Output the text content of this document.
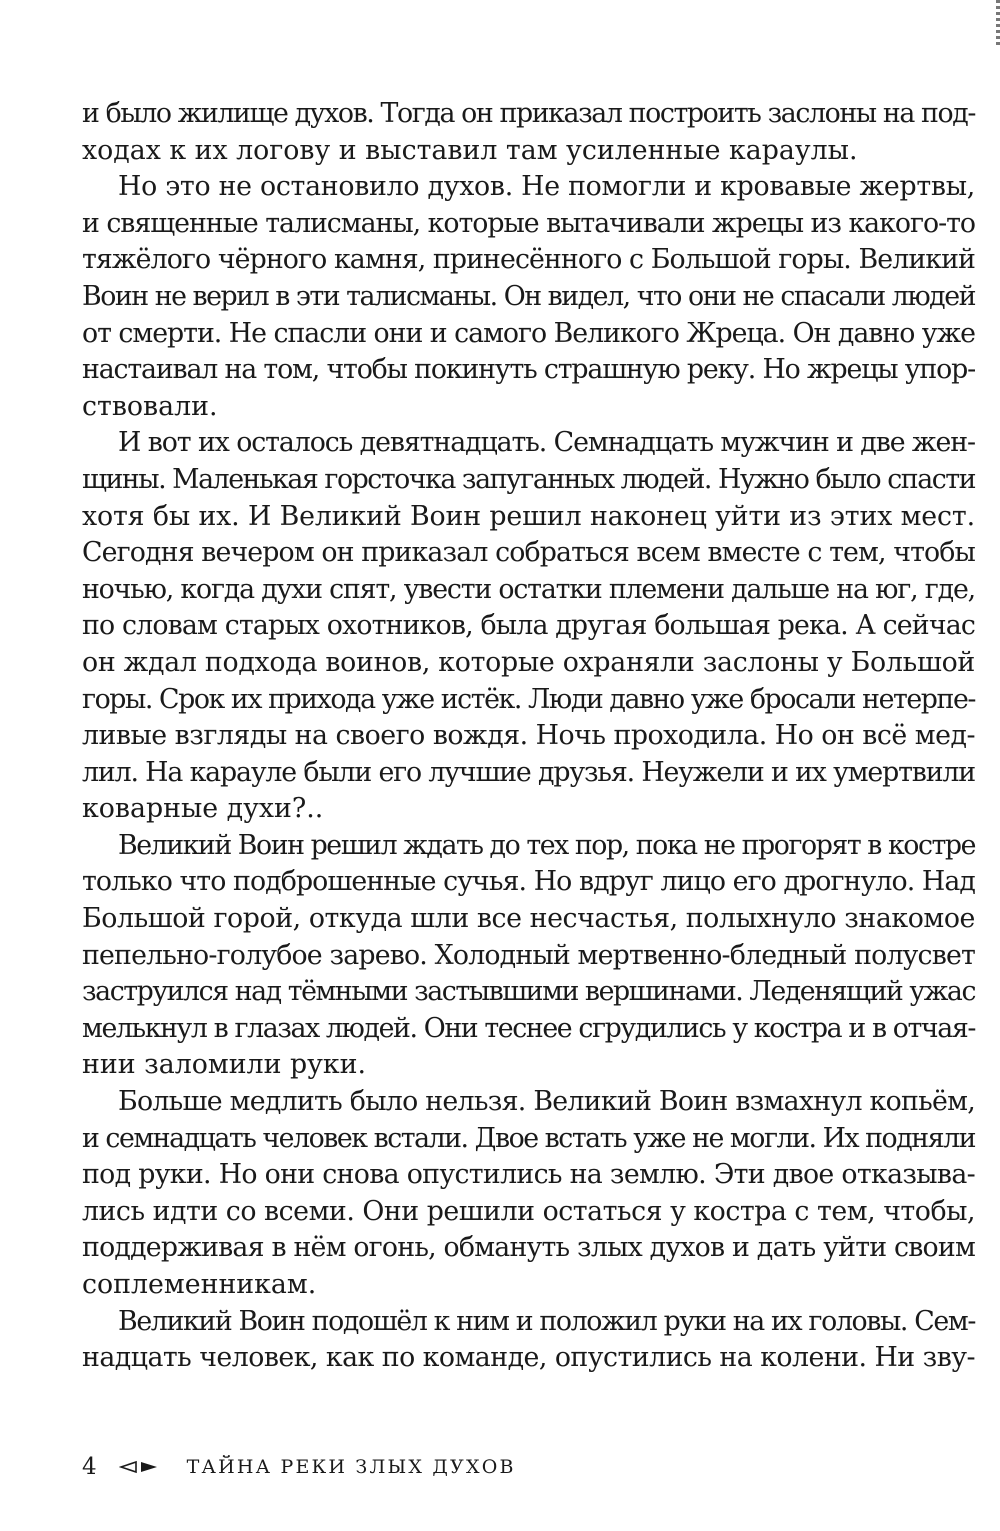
и было жилище духов. Тогда он приказал построить заслоны на под-
ходах к их логову и выставил там усиленные караулы.
Но это не остановило духов. Не помогли и кровавые жертвы,
и священные талисманы, которые вытачивали жрецы из какого-то
тяжёлого чёрного камня, принесённого с Большой горы. Великий
Воин не верил в эти талисманы. Он видел, что они не спасали людей
от смерти. Не спасли они и самого Великого Жреца. Он давно уже
настаивал на том, чтобы покинуть страшную реку. Но жрецы упор-
ствовали.
И вот их осталось девятнадцать. Семнадцать мужчин и две жен-
щины. Маленькая горсточка запуганных людей. Нужно было спасти
хотя бы их. И Великий Воин решил наконец уйти из этих мест.
Сегодня вечером он приказал собраться всем вместе с тем, чтобы
ночью, когда духи спят, увести остатки племени дальше на юг, где,
по словам старых охотников, была другая большая река. А сейчас
он ждал подхода воинов, которые охраняли заслоны у Большой
горы. Срок их прихода уже истёк. Люди давно уже бросали нетерпе-
ливые взгляды на своего вождя. Ночь проходила. Но он всё мед-
лил. На карауле были его лучшие друзья. Неужели и их умертвили
коварные духи?..
Великий Воин решил ждать до тех пор, пока не прогорят в костре
только что подброшенные сучья. Но вдруг лицо его дрогнуло. Над
Большой горой, откуда шли все несчастья, полыхнуло знакомое
пепельно-голубое зарево. Холодный мертвенно-бледный полусвет
заструился над тёмными застывшими вершинами. Леденящий ужас
мелькнул в глазах людей. Они теснее сгрудились у костра и в отчая-
нии заломили руки.
Больше медлить было нельзя. Великий Воин взмахнул копьём,
и семнадцать человек встали. Двое встать уже не могли. Их подняли
под руки. Но они снова опустились на землю. Эти двое отказыва-
лись идти со всеми. Они решили остаться у костра с тем, чтобы,
поддерживая в нём огонь, обмануть злых духов и дать уйти своим
соплеменникам.
Великий Воин подошёл к ним и положил руки на их головы. Сем-
надцать человек, как по команде, опустились на колени. Ни зву-
4	ТАЙНА РЕКИ ЗЛЫХ ДУХОВ
